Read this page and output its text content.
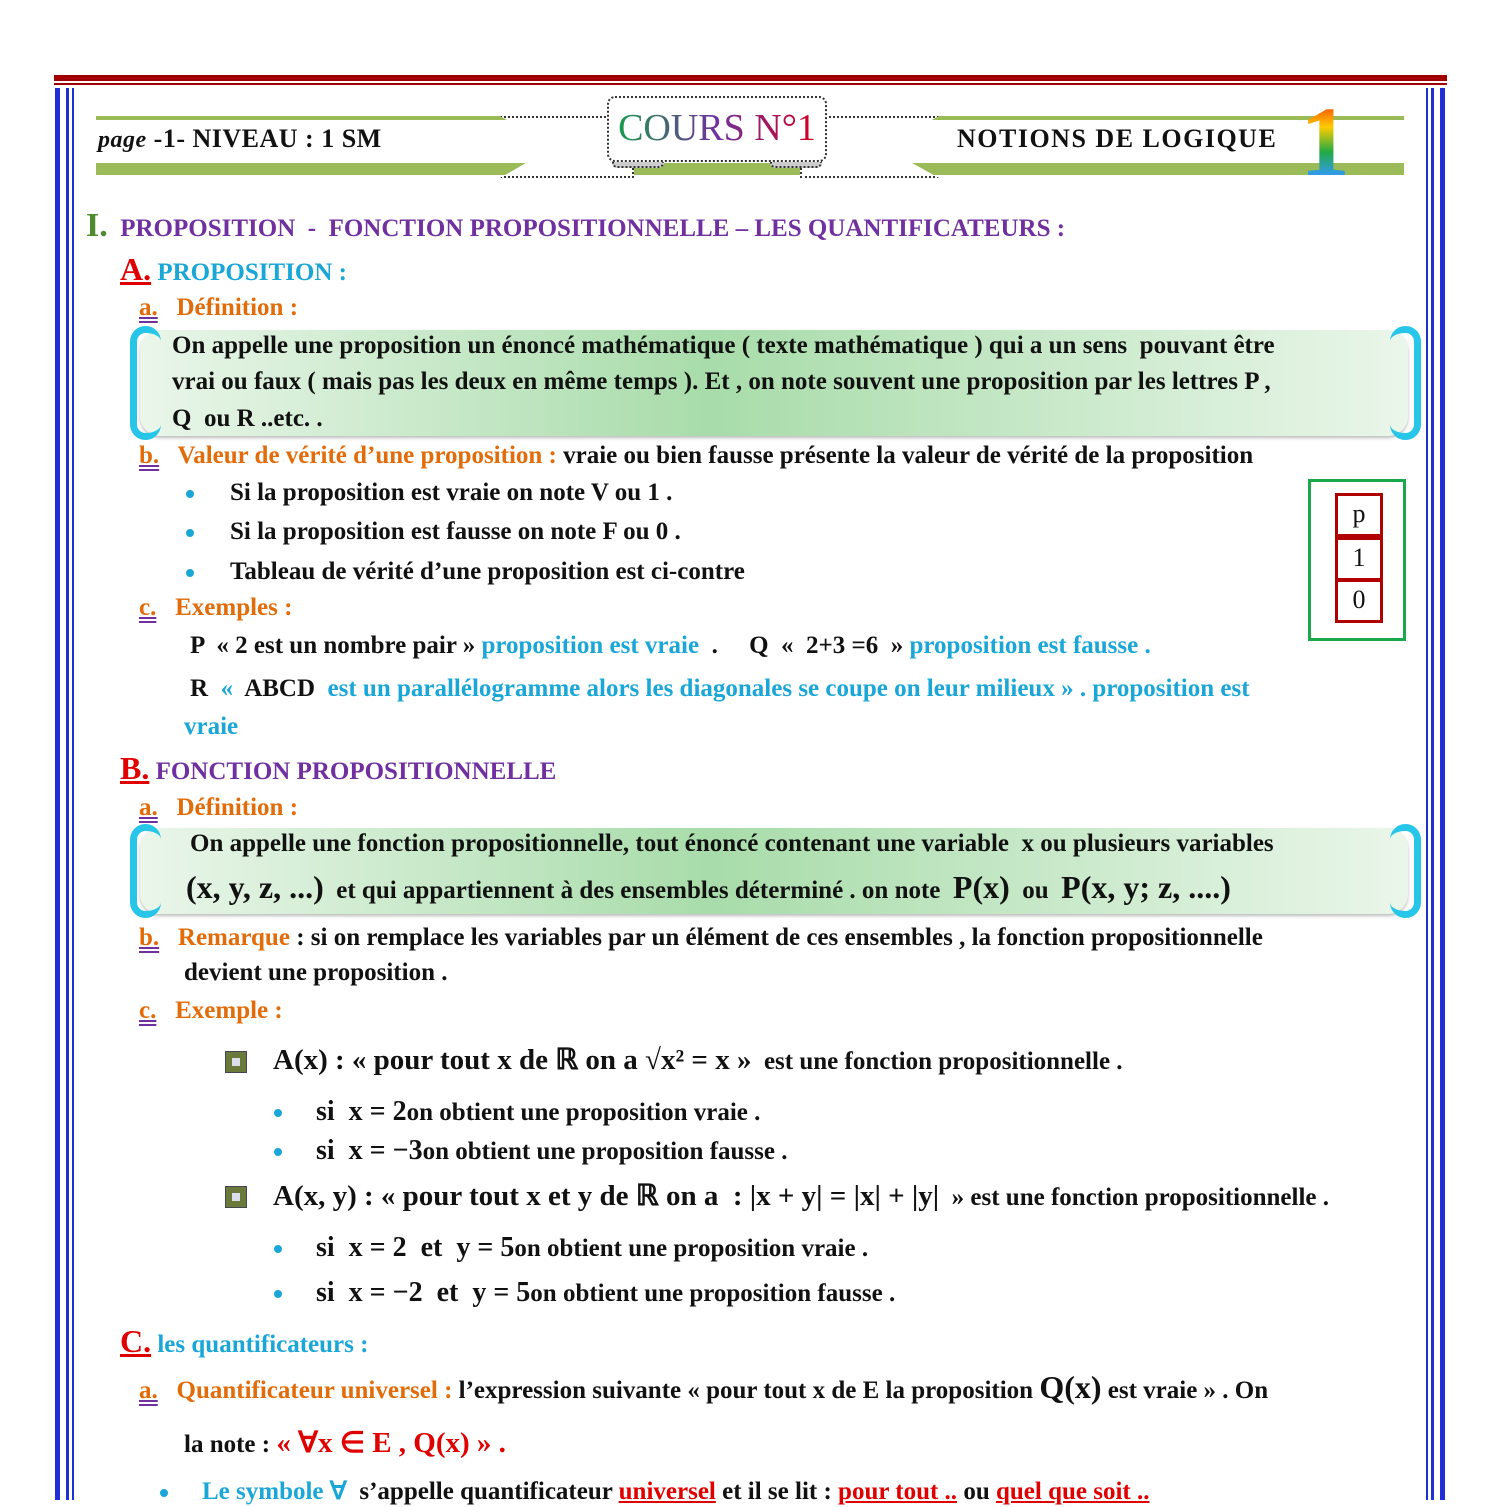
COURS N°1
page -1- NIVEAU : 1 SM	NOTIONS DE LOGIQUE 1
p
1
0
I.  PROPOSITION  -  FONCTION PROPOSITIONNELLE – LES QUANTIFICATEURS :
A. PROPOSITION :
a.   Définition :
On appelle une proposition un énoncé mathématique ( texte mathématique ) qui a un sens  pouvant être
vrai ou faux ( mais pas les deux en même temps ). Et , on note souvent une proposition par les lettres P ,
Q  ou R ..etc. .
b.   Valeur de vérité d’une proposition : vraie ou bien fausse présente la valeur de vérité de la proposition
Si la proposition est vraie on note V ou 1 .
Si la proposition est fausse on note F ou 0 .
Tableau de vérité d’une proposition est ci-contre
c.   Exemples :
P  « 2 est un nombre pair » proposition est vraie  .     Q  «  2+3 =6  » proposition est fausse .
R  «  ABCD  est un parallélogramme alors les diagonales se coupe on leur milieux » . proposition est
vraie
B. FONCTION PROPOSITIONNELLE
a.   Définition :
On appelle une fonction propositionnelle, tout énoncé contenant une variable  x ou plusieurs variables
(x, y, z, ...)  et qui appartiennent à des ensembles déterminé . on note  P(x)  ou  P(x, y; z, ....)
b.   Remarque : si on remplace les variables par un élément de ces ensembles , la fonction propositionnelle
devient une proposition .
c.   Exemple :
A(x) : « pour tout x de ℝ on a √x² = x »  est une fonction propositionnelle .
si  x = 2on obtient une proposition vraie .
si  x = −3on obtient une proposition fausse .
A(x, y) : « pour tout x et y de ℝ on a  : |x + y| = |x| + |y|  » est une fonction propositionnelle .
si  x = 2  et  y = 5on obtient une proposition vraie .
si  x = −2  et  y = 5on obtient une proposition fausse .
C. les quantificateurs :
a.   Quantificateur universel : l’expression suivante « pour tout x de E la proposition Q(x) est vraie » . On
la note : « ∀x ∈ E , Q(x) » .
Le symbole ∀  s’appelle quantificateur universel et il se lit : pour tout .. ou quel que soit ..
